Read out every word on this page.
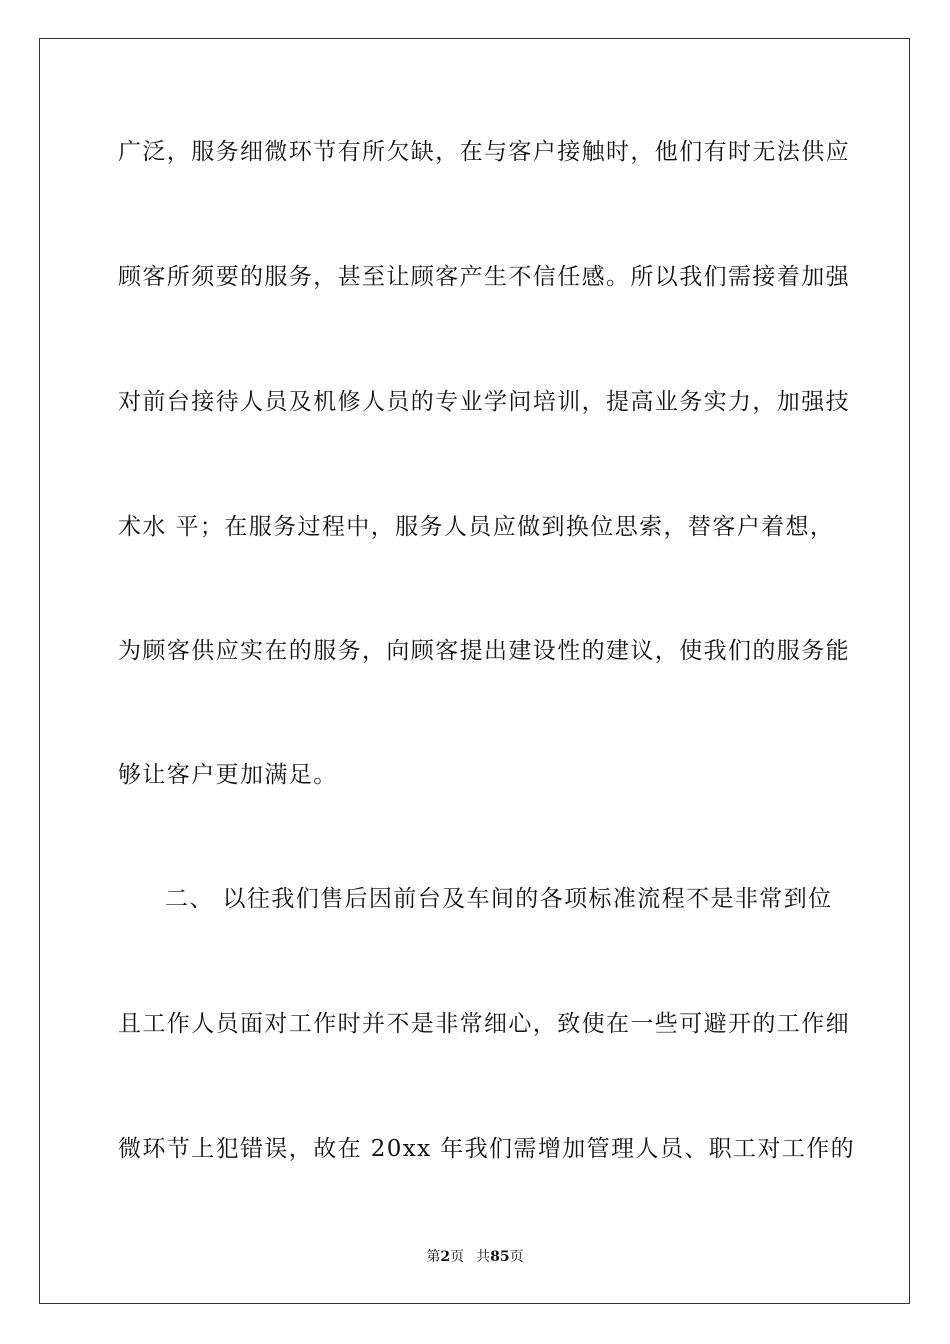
广泛，服务细微环节有所欠缺，在与客户接触时，他们有时无法供应
顾客所须要的服务，甚至让顾客产生不信任感。所以我们需接着加强
对前台接待人员及机修人员的专业学问培训，提高业务实力，加强技
术水 平；在服务过程中，服务人员应做到换位思索，替客户着想，
为顾客供应实在的服务，向顾客提出建设性的建议，使我们的服务能
够让客户更加满足。
二、 以往我们售后因前台及车间的各项标准流程不是非常到位
且工作人员面对工作时并不是非常细心，致使在一些可避开的工作细
微环节上犯错误，故在 20xx 年我们需增加管理人员、职工对工作的
第2页 共85页
